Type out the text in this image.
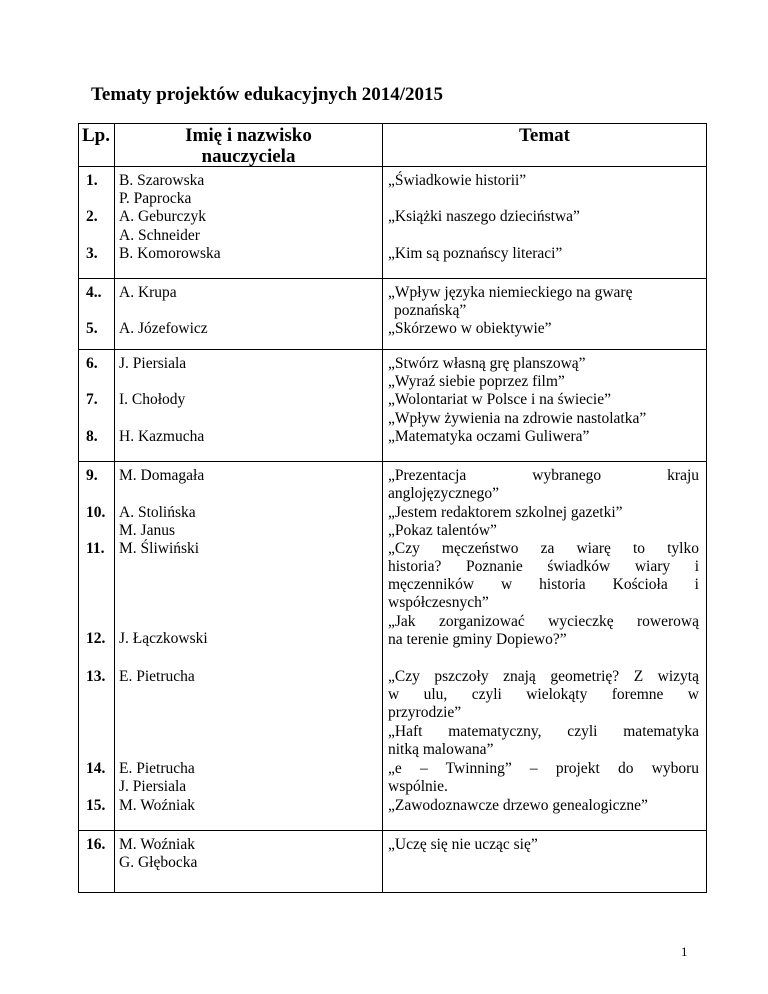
Tematy projektów edukacyjnych 2014/2015
Lp.	Imię i nazwisko
nauczyciela
Temat
1.
2.
3.
4..
5.
6.
7.
8.
9.
10.
11.
12.
13.
14.
15.
16.
B. Szarowska
P. Paprocka
A. Geburczyk
A. Schneider
B. Komorowska
A. Krupa
A. Józefowicz
J. Piersiala
I. Chołody
H. Kazmucha
M. Domagała
A. Stolińska
M. Janus
M. Śliwiński
J. Łączkowski
E. Pietrucha
E. Pietrucha
J. Piersiala
M. Woźniak
M. Woźniak
G. Głębocka
„Świadkowie historii”
„Książki naszego dzieciństwa”
„Kim są poznańscy literaci”
„Wpływ języka niemieckiego na gwarę
poznańską”
„Skórzewo w obiektywie”
„Stwórz własną grę planszową”
„Wyraź siebie poprzez film”
„Wolontariat w Polsce i na świecie”
„Wpływ żywienia na zdrowie nastolatka”
„Matematyka oczami Guliwera”
„Prezentacja wybranego kraju
anglojęzycznego”
„Jestem redaktorem szkolnej gazetki”
„Pokaz talentów”
„Czy męczeństwo za wiarę to tylko
historia? Poznanie świadków wiary i
męczenników w historia Kościoła i
współczesnych”
„Jak zorganizować wycieczkę rowerową
na terenie gminy Dopiewo?”
„Czy pszczoły znają geometrię? Z wizytą
w ulu, czyli wielokąty foremne w
przyrodzie”
„Haft matematyczny, czyli matematyka
nitką malowana”
„e – Twinning” – projekt do wyboru
wspólnie.
„Zawodoznawcze drzewo genealogiczne”
„Uczę się nie ucząc się”
1
